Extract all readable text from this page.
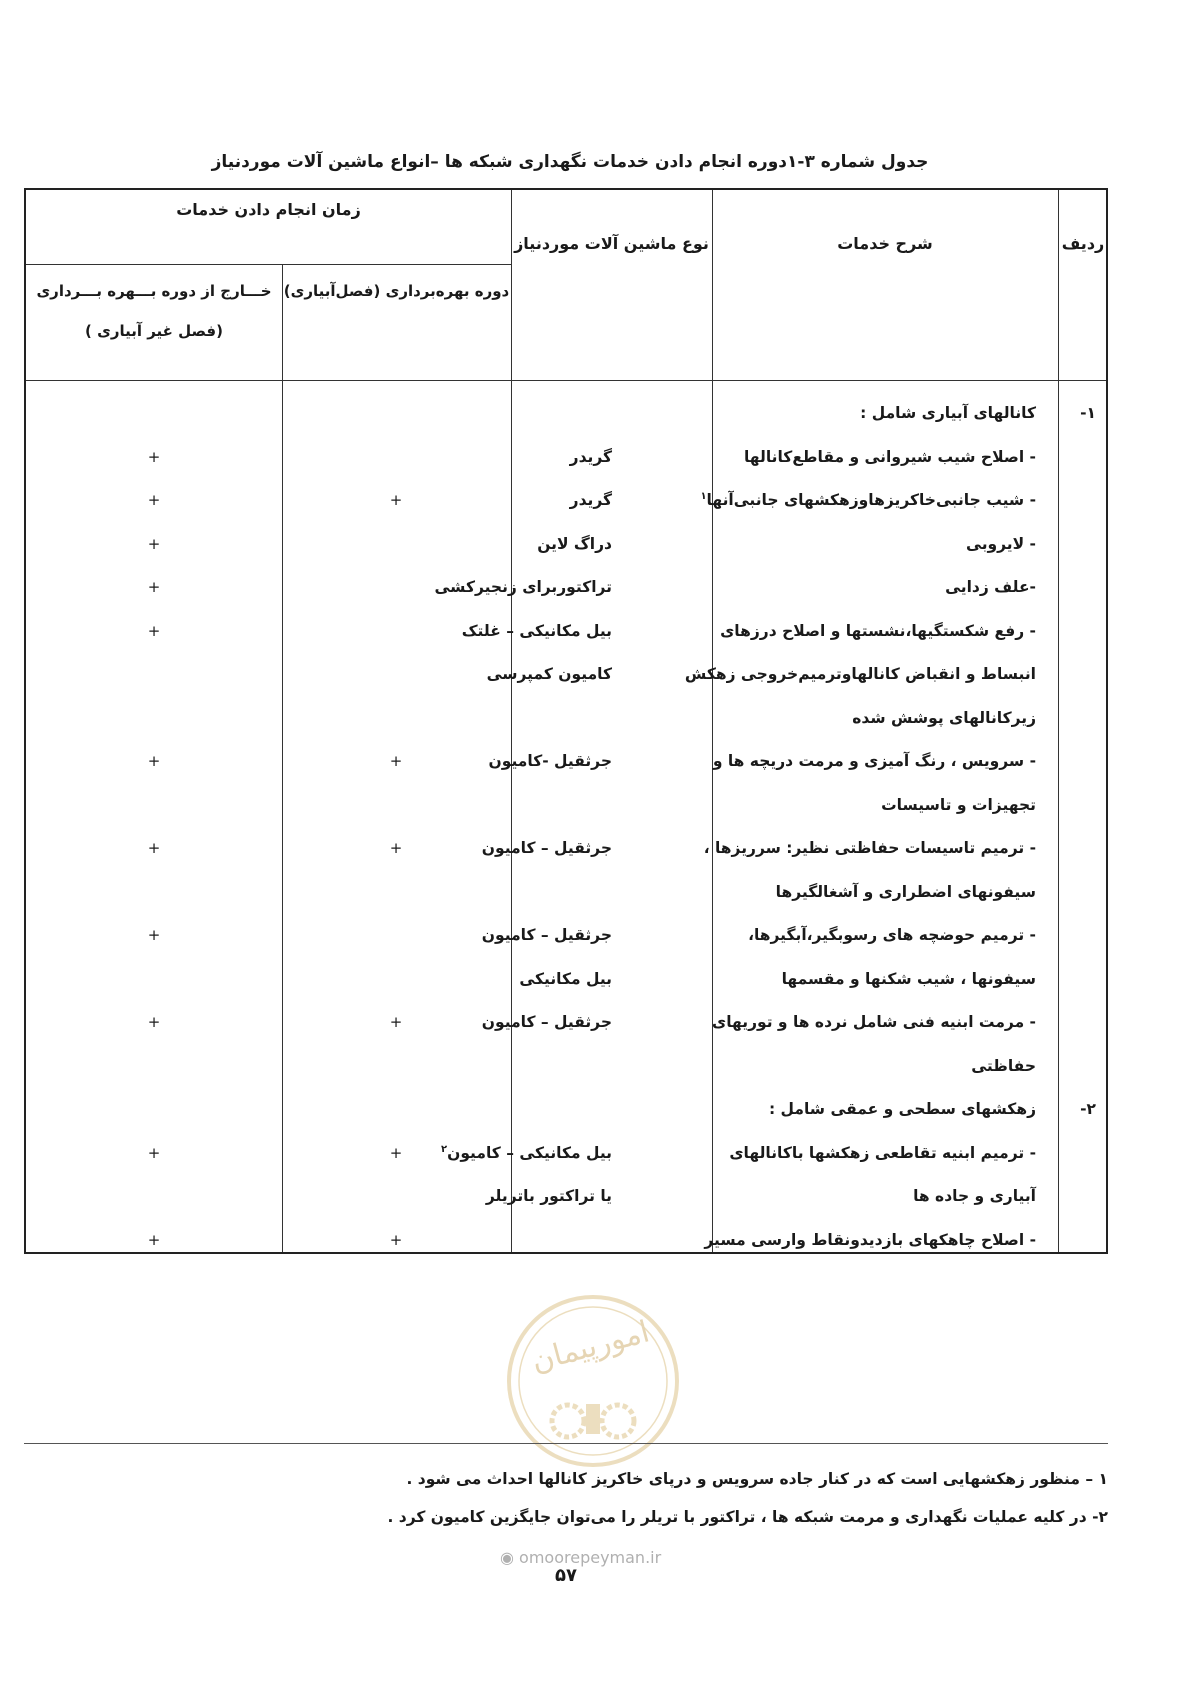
جدول شماره ۳-۱دوره انجام دادن خدمات نگهداری شبکه ها –انواع ماشین آلات موردنیاز
ردیف
شرح خدمات
نوع ماشین آلات موردنیاز
زمان انجام دادن خدمات
دوره بهره‌برداری (فصل‌آبیاری)
خـــارج از دوره بـــهره بـــرداری
(فصل غیر آبیاری )
۱-
کانالهای آبیاری شامل :
- اصلاح شیب شیروانی و مقاطع‌کانالها
گریدر
+
- شیب جانبی‌خاکریزهاوزهکشهای جانبی‌آنها$^۱$
گریدر
+
+
- لایروبی
دراگ لاین
+
-علف زدایی
تراکتوربرای زنجیرکشی
+
- رفع شکستگیها،نشستها و اصلاح درزهای
بیل مکانیکی – غلتک
+
انبساط و انقباض کانالهاوترمیم‌خروجی زهکش
کامیون کمپرسی
زیر‌کانالهای پوشش شده
- سرویس ، رنگ آمیزی و مرمت دریچه ها و
جرثقیل -کامیون
+
+
تجهیزات و تاسیسات
- ترمیم تاسیسات حفاظتی نظیر: سرریزها ،
جرثقیل – کامیون
+
+
سیفونهای اضطراری و آشغالگیرها
- ترمیم حوضچه های رسوبگیر،آبگیرها،
جرثقیل – کامیون
+
سیفونها ، شیب شکنها و مقسمها
بیل مکانیکی
- مرمت ابنیه فنی شامل نرده ها و توریهای
جرثقیل – کامیون
+
+
حفاظتی
۲-
زهکشهای سطحی و عمقی شامل :
- ترمیم ابنیه تقاطعی زهکشها با‌کانالهای
بیل مکانیکی – کامیون$^۲$
+
+
آبیاری و جاده ها
یا تراکتور باتریلر
- اصلاح چاهکهای بازدیدونقاط وارسی مسیر
+
+
امورپیمان
۱ – منظور زهکشهایی است که در کنار جاده سرویس و درپای خاکریز کانالها احداث می شود .
۲- در کلیه عملیات نگهداری و مرمت شبکه ها ، تراکتور با تریلر را می‌توان جایگزین کامیون کرد .
◉ omoorepeyman.ir
۵۷
